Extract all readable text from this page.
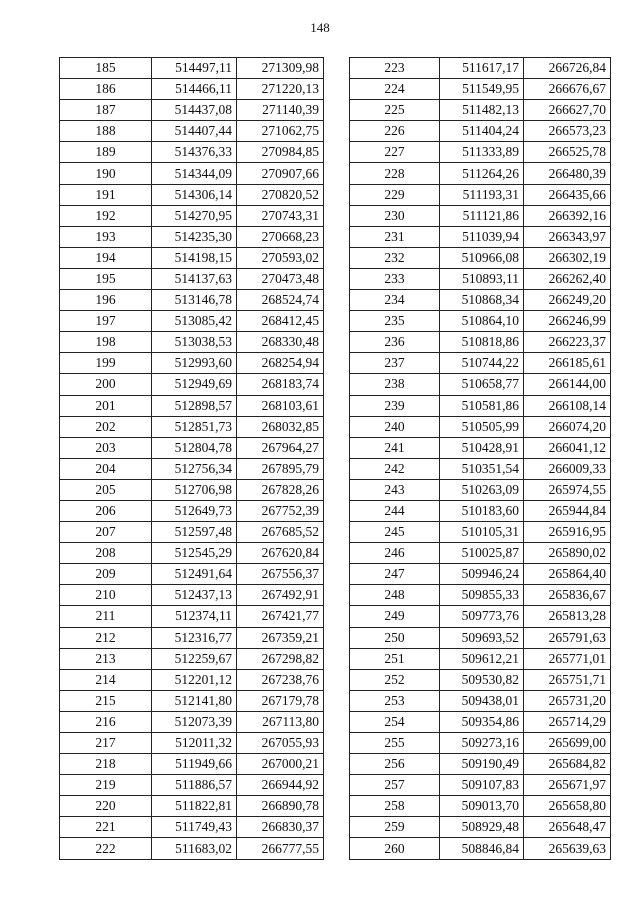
148
185	514497,11	271309,98
186	514466,11	271220,13
187	514437,08	271140,39
188	514407,44	271062,75
189	514376,33	270984,85
190	514344,09	270907,66
191	514306,14	270820,52
192	514270,95	270743,31
193	514235,30	270668,23
194	514198,15	270593,02
195	514137,63	270473,48
196	513146,78	268524,74
197	513085,42	268412,45
198	513038,53	268330,48
199	512993,60	268254,94
200	512949,69	268183,74
201	512898,57	268103,61
202	512851,73	268032,85
203	512804,78	267964,27
204	512756,34	267895,79
205	512706,98	267828,26
206	512649,73	267752,39
207	512597,48	267685,52
208	512545,29	267620,84
209	512491,64	267556,37
210	512437,13	267492,91
211	512374,11	267421,77
212	512316,77	267359,21
213	512259,67	267298,82
214	512201,12	267238,76
215	512141,80	267179,78
216	512073,39	267113,80
217	512011,32	267055,93
218	511949,66	267000,21
219	511886,57	266944,92
220	511822,81	266890,78
221	511749,43	266830,37
222	511683,02	266777,55
223	511617,17	266726,84
224	511549,95	266676,67
225	511482,13	266627,70
226	511404,24	266573,23
227	511333,89	266525,78
228	511264,26	266480,39
229	511193,31	266435,66
230	511121,86	266392,16
231	511039,94	266343,97
232	510966,08	266302,19
233	510893,11	266262,40
234	510868,34	266249,20
235	510864,10	266246,99
236	510818,86	266223,37
237	510744,22	266185,61
238	510658,77	266144,00
239	510581,86	266108,14
240	510505,99	266074,20
241	510428,91	266041,12
242	510351,54	266009,33
243	510263,09	265974,55
244	510183,60	265944,84
245	510105,31	265916,95
246	510025,87	265890,02
247	509946,24	265864,40
248	509855,33	265836,67
249	509773,76	265813,28
250	509693,52	265791,63
251	509612,21	265771,01
252	509530,82	265751,71
253	509438,01	265731,20
254	509354,86	265714,29
255	509273,16	265699,00
256	509190,49	265684,82
257	509107,83	265671,97
258	509013,70	265658,80
259	508929,48	265648,47
260	508846,84	265639,63
